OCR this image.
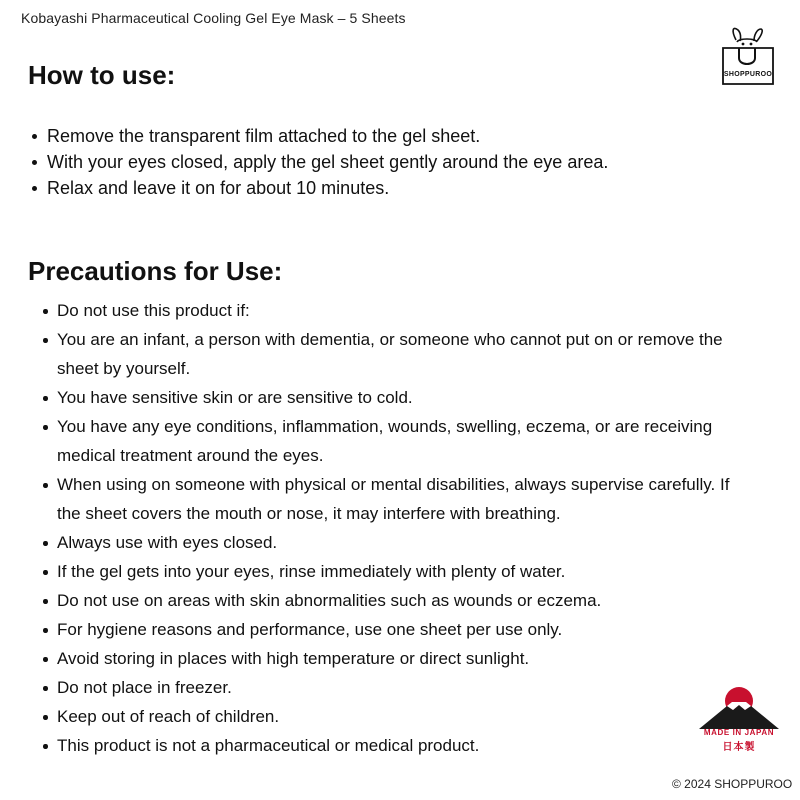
Kobayashi Pharmaceutical Cooling Gel Eye Mask – 5 Sheets
SHOPPUROO
How to use:
Remove the transparent film attached to the gel sheet.
With your eyes closed, apply the gel sheet gently around the eye area.
Relax and leave it on for about 10 minutes.
Precautions for Use:
Do not use this product if:
You are an infant, a person with dementia, or someone who cannot put on or remove the sheet by yourself.
You have sensitive skin or are sensitive to cold.
You have any eye conditions, inflammation, wounds, swelling, eczema, or are receiving medical treatment around the eyes.
When using on someone with physical or mental disabilities, always supervise carefully. If the sheet covers the mouth or nose, it may interfere with breathing.
Always use with eyes closed.
If the gel gets into your eyes, rinse immediately with plenty of water.
Do not use on areas with skin abnormalities such as wounds or eczema.
For hygiene reasons and performance, use one sheet per use only.
Avoid storing in places with high temperature or direct sunlight.
Do not place in freezer.
Keep out of reach of children.
This product is not a pharmaceutical or medical product.
MADE IN JAPAN
日本製
© 2024 SHOPPUROO
